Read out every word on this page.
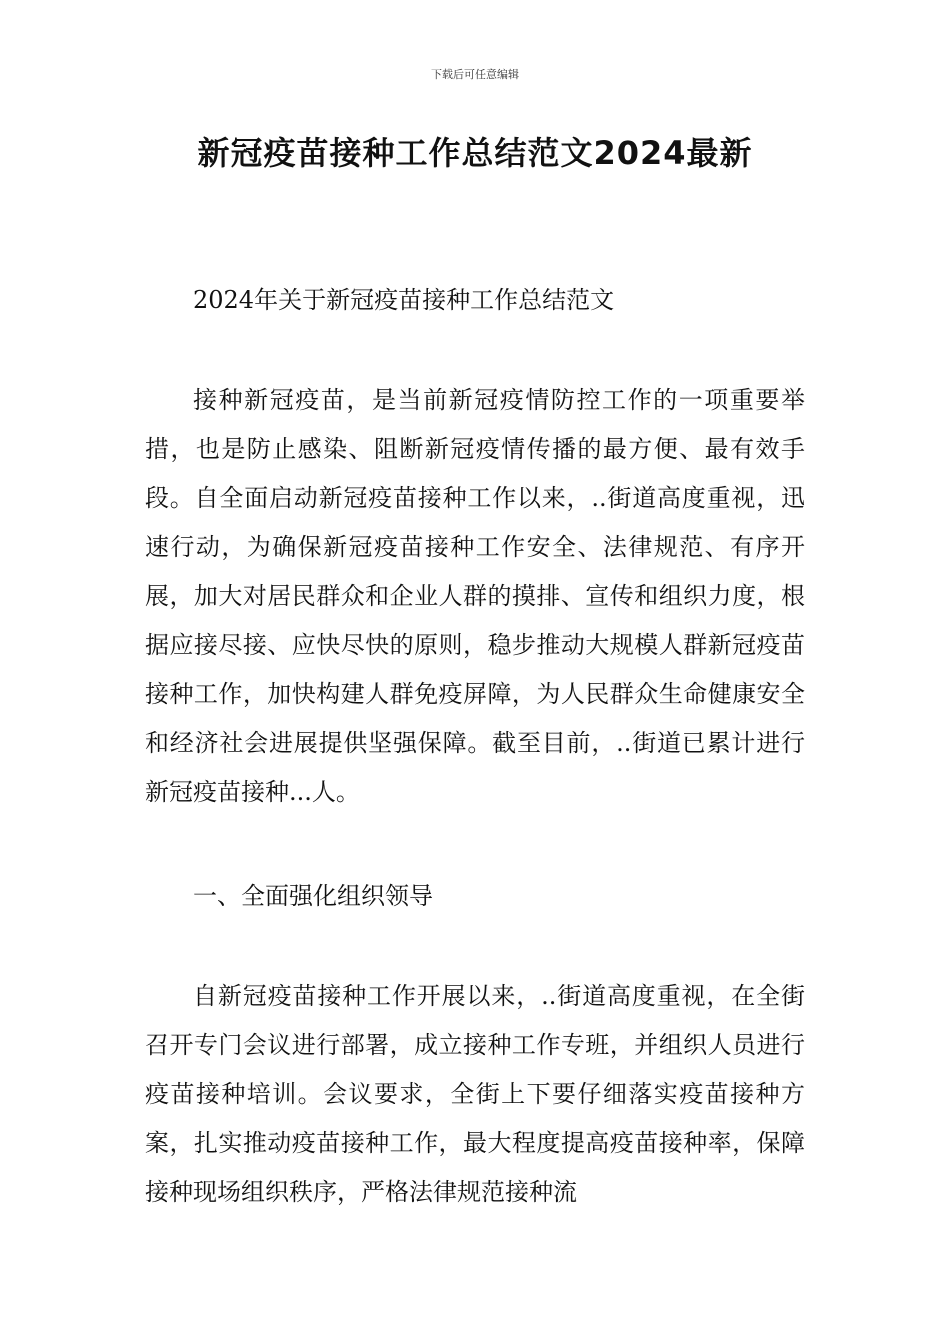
下载后可任意编辑
新冠疫苗接种工作总结范文2024最新

2024年关于新冠疫苗接种工作总结范文

接种新冠疫苗，是当前新冠疫情防控工作的一项重要举措，也是防止感染、阻断新冠疫情传播的最方便、最有效手段。自全面启动新冠疫苗接种工作以来，..街道高度重视，迅速行动，为确保新冠疫苗接种工作安全、法律规范、有序开展，加大对居民群众和企业人群的摸排、宣传和组织力度，根据应接尽接、应快尽快的原则，稳步推动大规模人群新冠疫苗接种工作，加快构建人群免疫屏障，为人民群众生命健康安全和经济社会进展提供坚强保障。截至目前，..街道已累计进行新冠疫苗接种...人。

一、全面强化组织领导

自新冠疫苗接种工作开展以来，..街道高度重视，在全街召开专门会议进行部署，成立接种工作专班，并组织人员进行疫苗接种培训。会议要求，全街上下要仔细落实疫苗接种方案，扎实推动疫苗接种工作，最大程度提高疫苗接种率，保障接种现场组织秩序，严格法律规范接种流
